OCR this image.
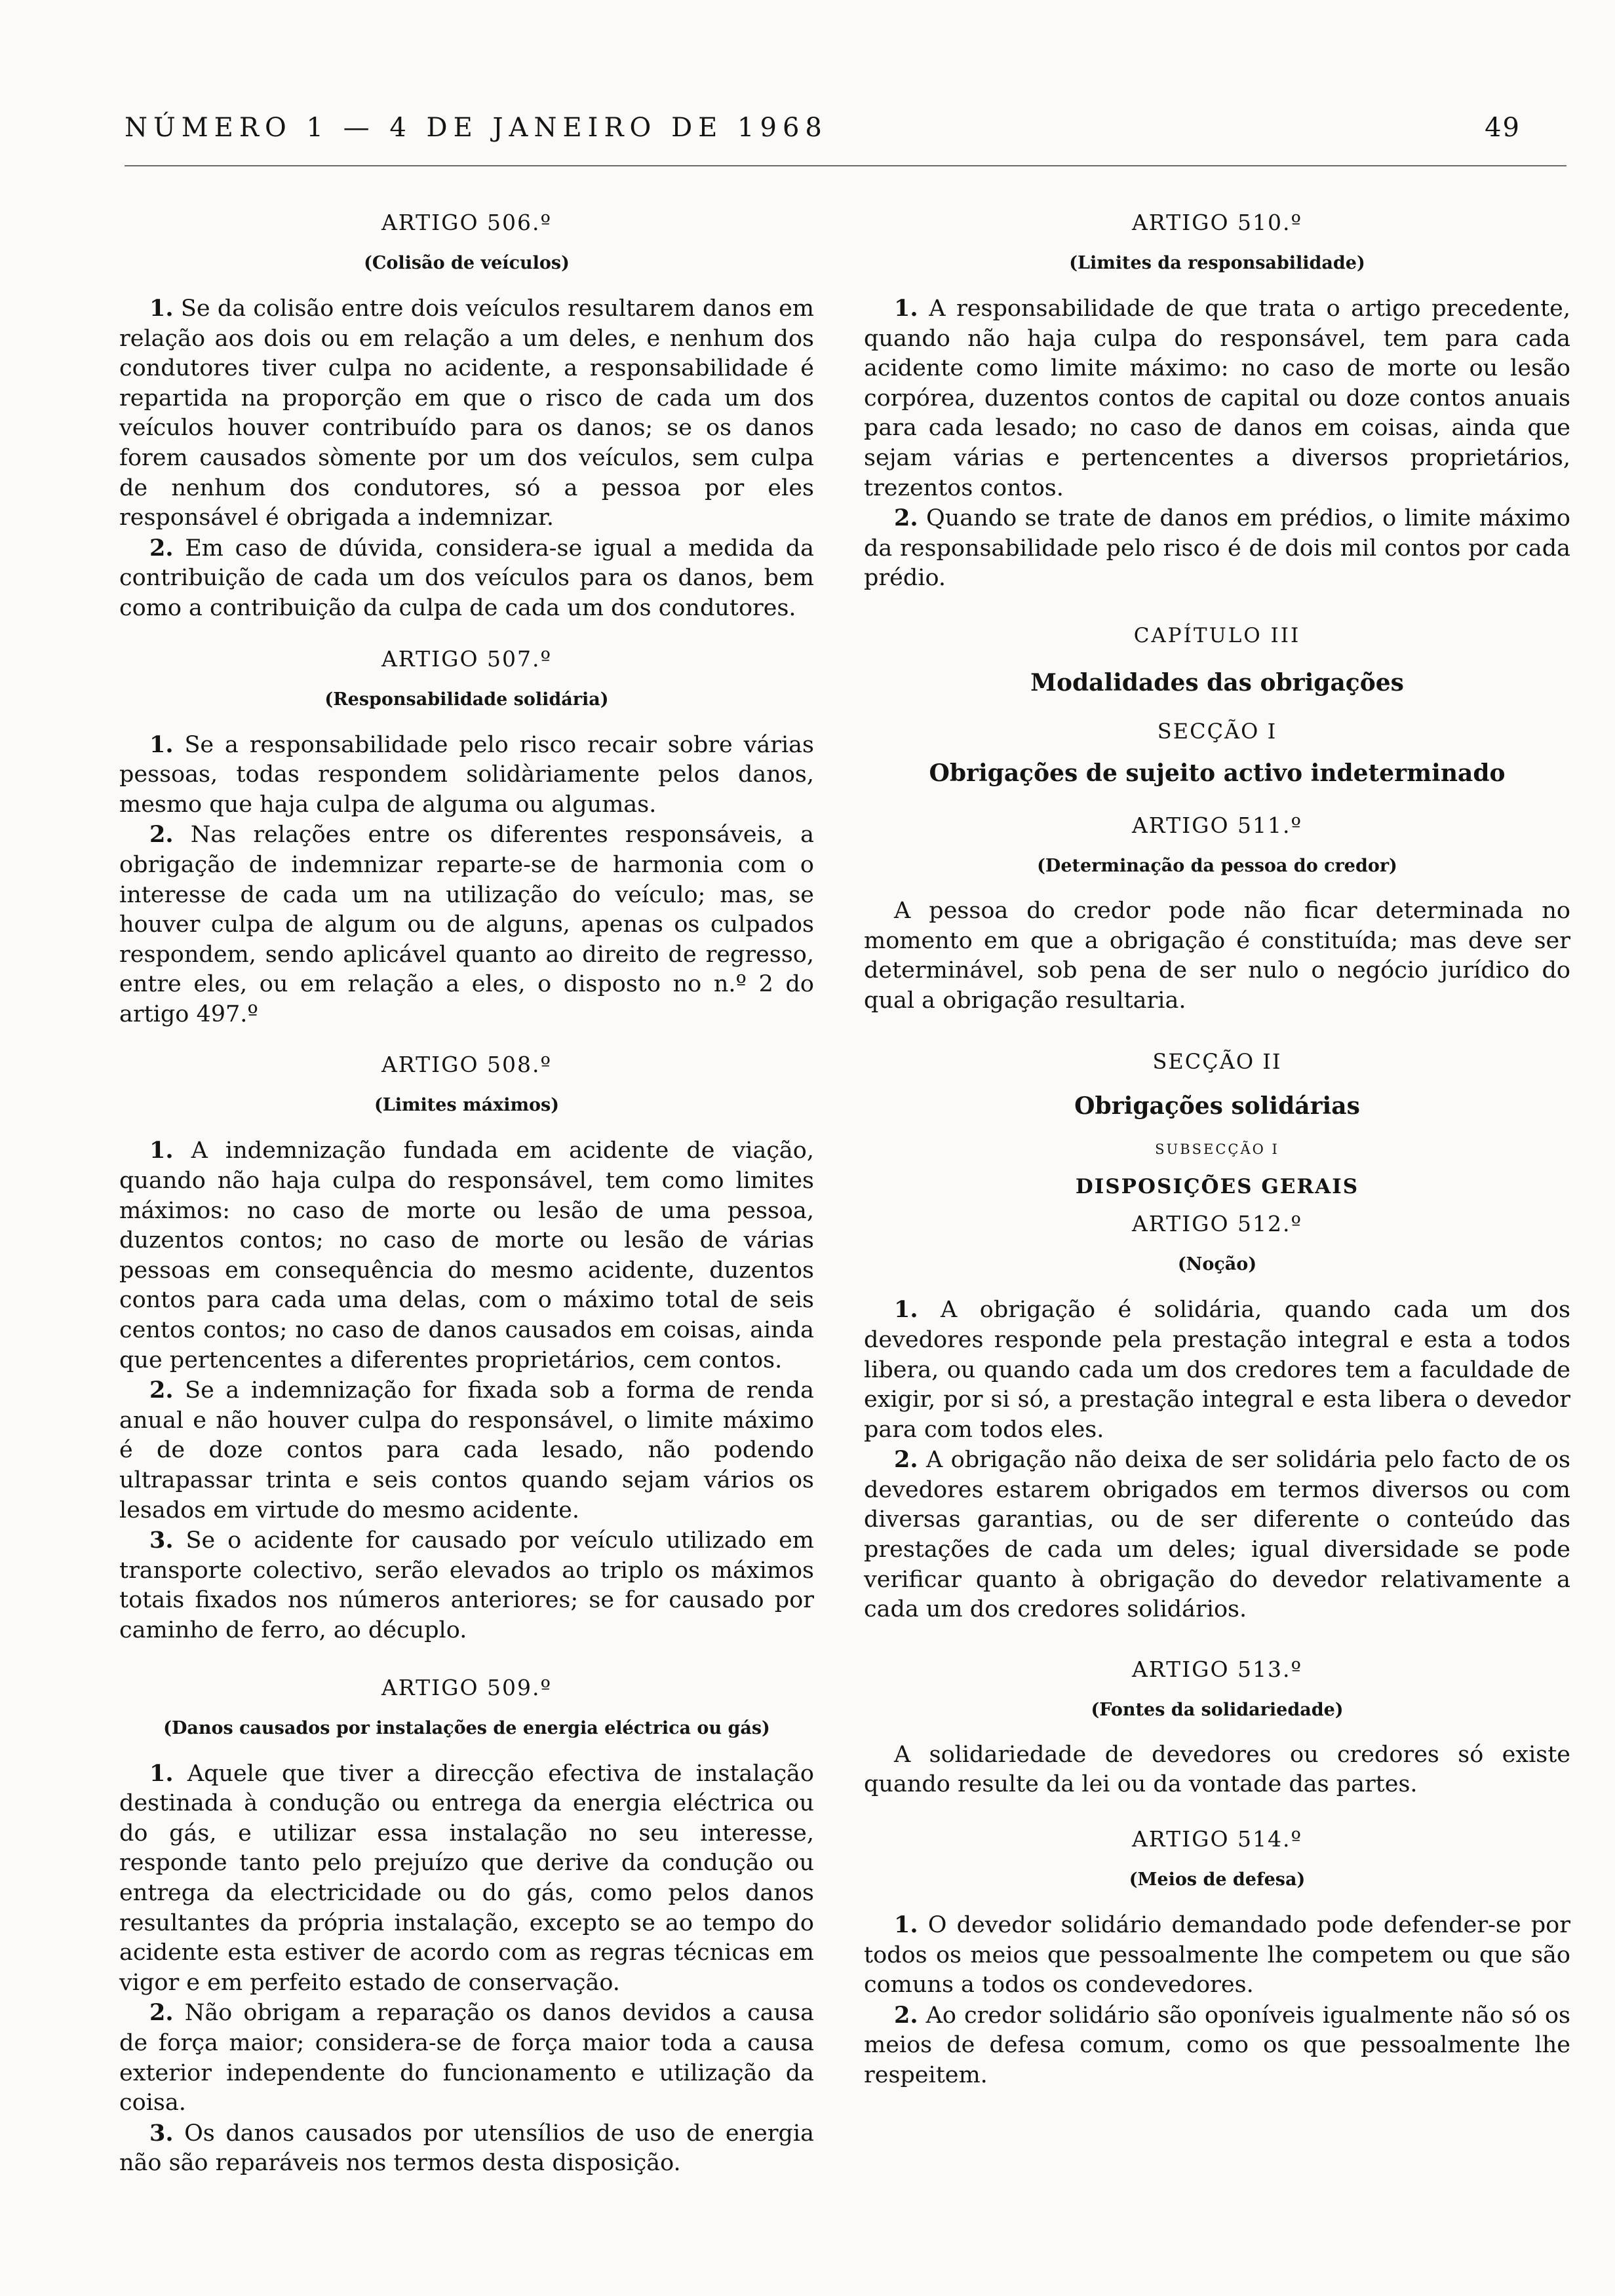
NÚMERO 1 — 4 DE JANEIRO DE 1968	49
ARTIGO 506.º
(Colisão de veículos)

1. Se da colisão entre dois veículos resultarem danos em relação aos dois ou em relação a um deles, e nenhum dos condutores tiver culpa no acidente, a responsabilidade é repartida na proporção em que o risco de cada um dos veículos houver contribuído para os danos; se os danos forem causados sòmente por um dos veículos, sem culpa de nenhum dos condutores, só a pessoa por eles responsável é obrigada a indemnizar.

2. Em caso de dúvida, considera-se igual a medida da contribuição de cada um dos veículos para os danos, bem como a contribuição da culpa de cada um dos condutores.

ARTIGO 507.º
(Responsabilidade solidária)

1. Se a responsabilidade pelo risco recair sobre várias pessoas, todas respondem solidàriamente pelos danos, mesmo que haja culpa de alguma ou algumas.

2. Nas relações entre os diferentes responsáveis, a obrigação de indemnizar reparte-se de harmonia com o interesse de cada um na utilização do veículo; mas, se houver culpa de algum ou de alguns, apenas os culpados respondem, sendo aplicável quanto ao direito de regresso, entre eles, ou em relação a eles, o disposto no n.º 2 do artigo 497.º

ARTIGO 508.º
(Limites máximos)

1. A indemnização fundada em acidente de viação, quando não haja culpa do responsável, tem como limites máximos: no caso de morte ou lesão de uma pessoa, duzentos contos; no caso de morte ou lesão de várias pessoas em consequência do mesmo acidente, duzentos contos para cada uma delas, com o máximo total de seis centos contos; no caso de danos causados em coisas, ainda que pertencentes a diferentes proprietários, cem contos.

2. Se a indemnização for fixada sob a forma de renda anual e não houver culpa do responsável, o limite máximo é de doze contos para cada lesado, não podendo ultrapassar trinta e seis contos quando sejam vários os lesados em virtude do mesmo acidente.

3. Se o acidente for causado por veículo utilizado em transporte colectivo, serão elevados ao triplo os máximos totais fixados nos números anteriores; se for causado por caminho de ferro, ao décuplo.

ARTIGO 509.º
(Danos causados por instalações de energia eléctrica ou gás)

1. Aquele que tiver a direcção efectiva de instalação destinada à condução ou entrega da energia eléctrica ou do gás, e utilizar essa instalação no seu interesse, responde tanto pelo prejuízo que derive da condução ou entrega da electricidade ou do gás, como pelos danos resultantes da própria instalação, excepto se ao tempo do acidente esta estiver de acordo com as regras técnicas em vigor e em perfeito estado de conservação.

2. Não obrigam a reparação os danos devidos a causa de força maior; considera-se de força maior toda a causa exterior independente do funcionamento e utilização da coisa.

3. Os danos causados por utensílios de uso de energia não são reparáveis nos termos desta disposição.

ARTIGO 510.º
(Limites da responsabilidade)

1. A responsabilidade de que trata o artigo precedente, quando não haja culpa do responsável, tem para cada acidente como limite máximo: no caso de morte ou lesão corpórea, duzentos contos de capital ou doze contos anuais para cada lesado; no caso de danos em coisas, ainda que sejam várias e pertencentes a diversos proprietários, trezentos contos.

2. Quando se trate de danos em prédios, o limite máximo da responsabilidade pelo risco é de dois mil contos por cada prédio.

CAPÍTULO III
Modalidades das obrigações
SECÇÃO I
Obrigações de sujeito activo indeterminado
ARTIGO 511.º
(Determinação da pessoa do credor)

A pessoa do credor pode não ficar determinada no momento em que a obrigação é constituída; mas deve ser determinável, sob pena de ser nulo o negócio jurídico do qual a obrigação resultaria.

SECÇÃO II
Obrigações solidárias
SUBSECÇÃO I
DISPOSIÇÕES GERAIS
ARTIGO 512.º
(Noção)

1. A obrigação é solidária, quando cada um dos devedores responde pela prestação integral e esta a todos libera, ou quando cada um dos credores tem a faculdade de exigir, por si só, a prestação integral e esta libera o devedor para com todos eles.

2. A obrigação não deixa de ser solidária pelo facto de os devedores estarem obrigados em termos diversos ou com diversas garantias, ou de ser diferente o conteúdo das prestações de cada um deles; igual diversidade se pode verificar quanto à obrigação do devedor relativamente a cada um dos credores solidários.

ARTIGO 513.º
(Fontes da solidariedade)

A solidariedade de devedores ou credores só existe quando resulte da lei ou da vontade das partes.

ARTIGO 514.º
(Meios de defesa)

1. O devedor solidário demandado pode defender-se por todos os meios que pessoalmente lhe competem ou que são comuns a todos os condevedores.

2. Ao credor solidário são oponíveis igualmente não só os meios de defesa comum, como os que pessoalmente lhe respeitem.
